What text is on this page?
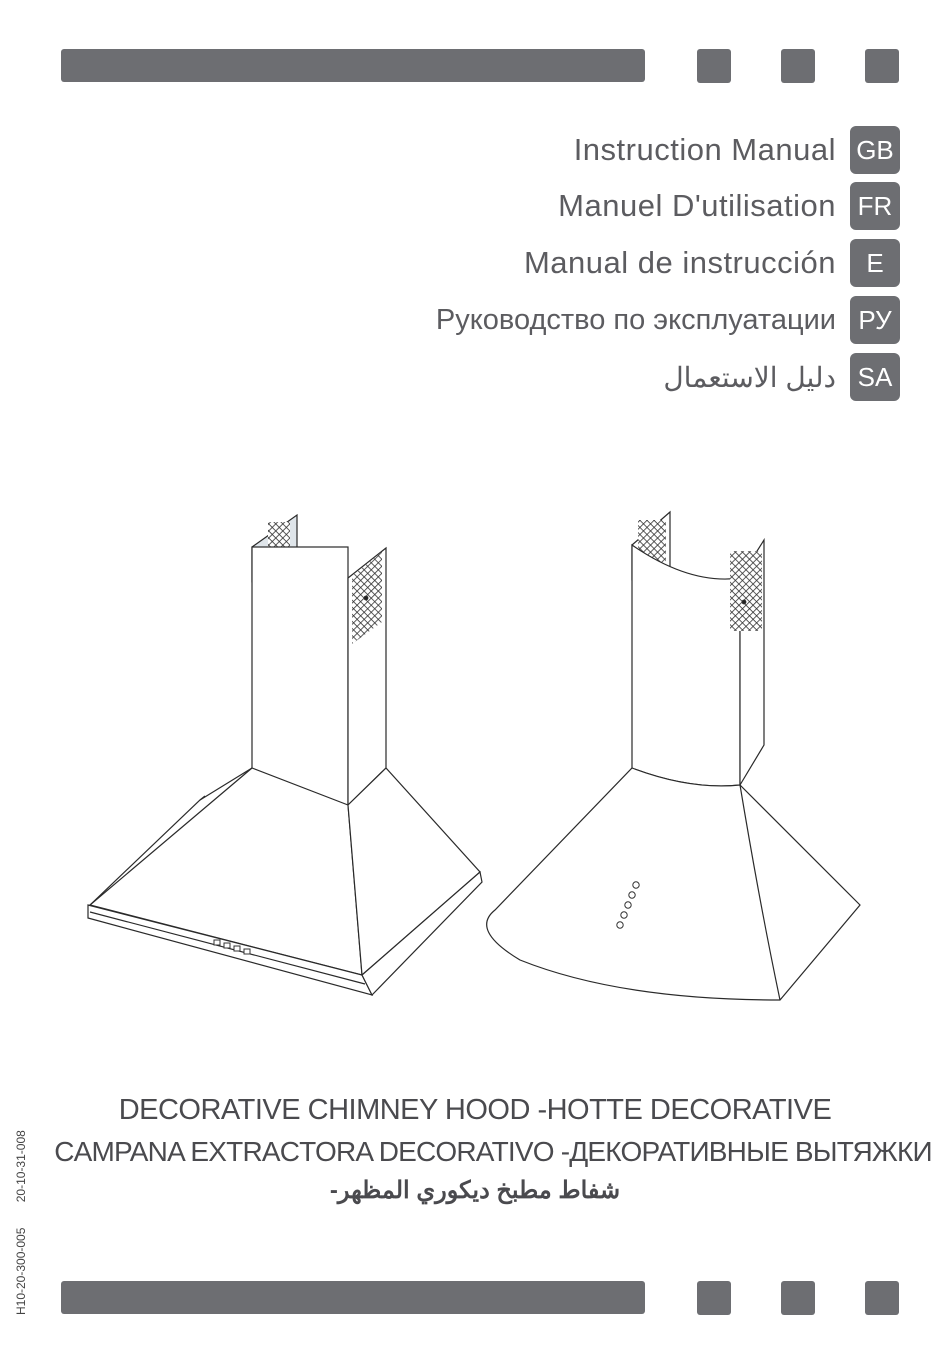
Instruction Manual GB
Manuel D'utilisation FR
Manual de instrucción	E
Руководство по эксплуатации РУ
دليل الاستعمال SA
DECORATIVE CHIMNEY HOOD -HOTTE DECORATIVE
CAMPANA EXTRACTORA DECORATIVO -ДЕКОРАТИВНЫЕ ВЫТЯЖКИ
شفاط مطبخ ديكوري المظهر-
H10-20-300-005 20-10-31-008
